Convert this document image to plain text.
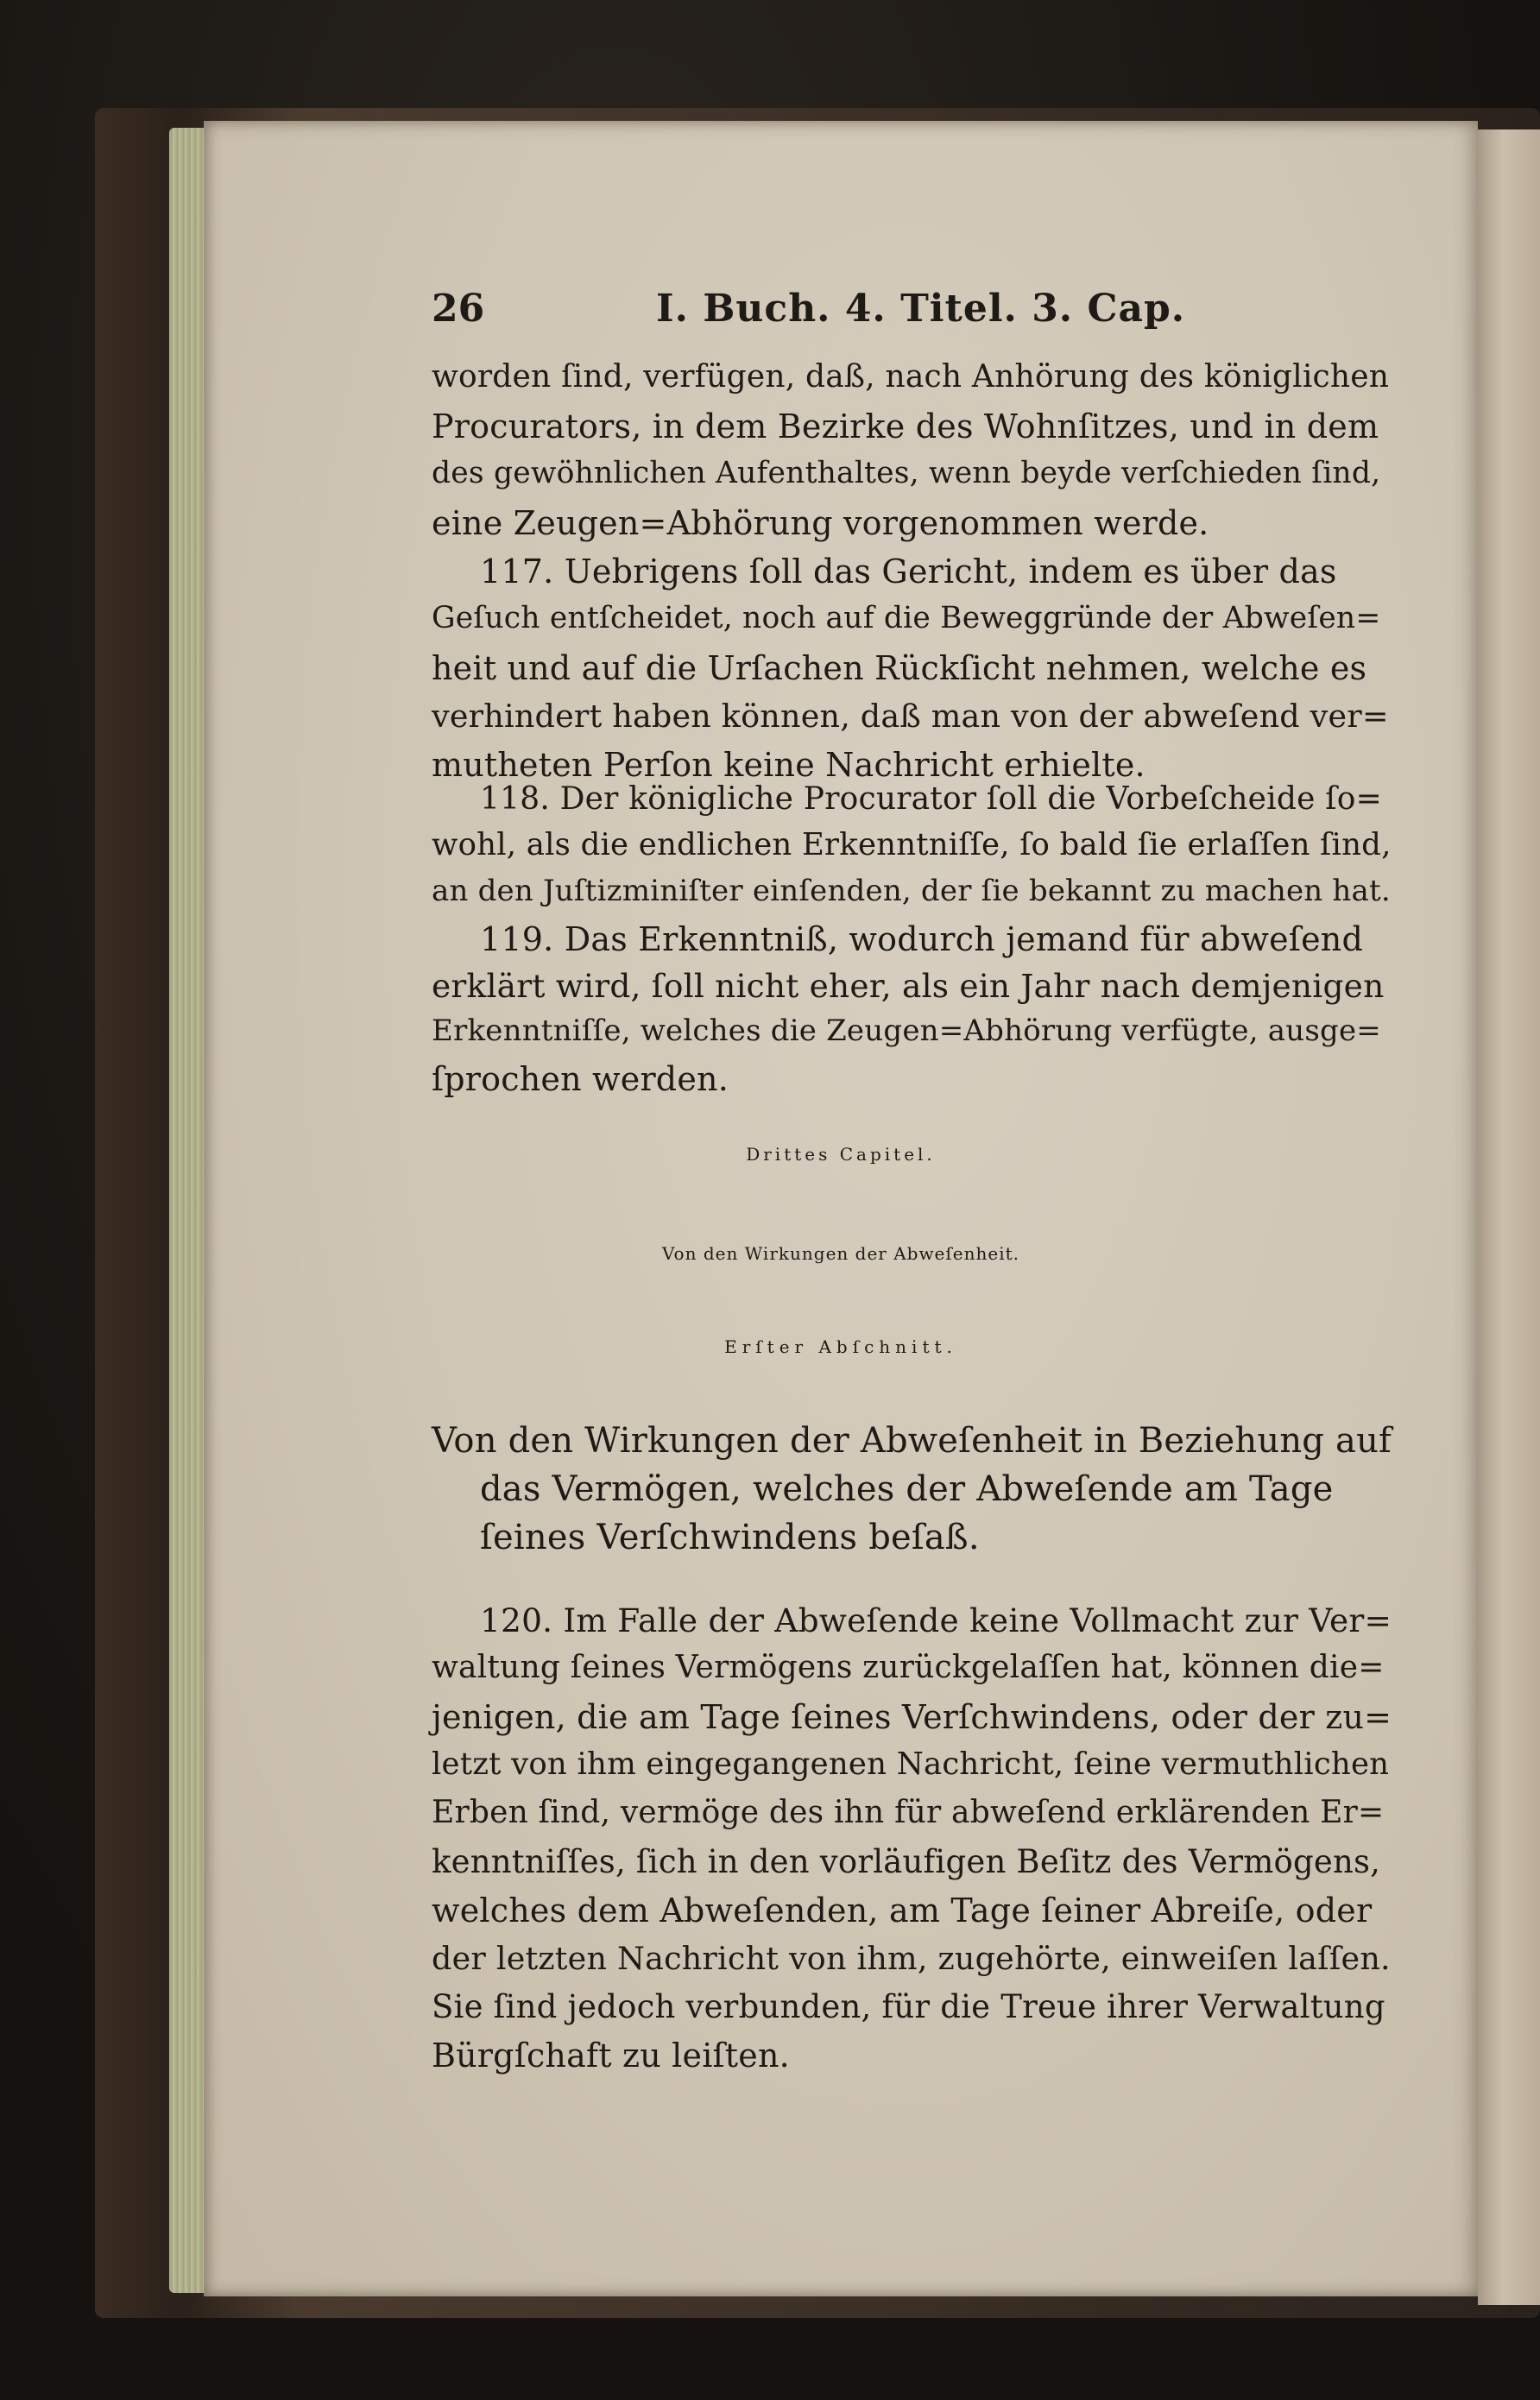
26	I. Buch. 4. Titel. 3. Cap.
worden ſind, verfügen, daß, nach Anhörung des königlichen
Procurators, in dem Bezirke des Wohnſitzes, und in dem
des gewöhnlichen Aufenthaltes, wenn beyde verſchieden ſind,
eine Zeugen=Abhörung vorgenommen werde.
117. Uebrigens ſoll das Gericht, indem es über das
Geſuch entſcheidet, noch auf die Beweggründe der Abweſen=
heit und auf die Urſachen Rückſicht nehmen, welche es
verhindert haben können, daß man von der abweſend ver=
mutheten Perſon keine Nachricht erhielte.
118. Der königliche Procurator ſoll die Vorbeſcheide ſo=
wohl, als die endlichen Erkenntniſſe, ſo bald ſie erlaſſen ſind,
an den Juſtizminiſter einſenden, der ſie bekannt zu machen hat.
119. Das Erkenntniß, wodurch jemand für abweſend
erklärt wird, ſoll nicht eher, als ein Jahr nach demjenigen
Erkenntniſſe, welches die Zeugen=Abhörung verfügte, ausge=
ſprochen werden.
Drittes Capitel.
Von den Wirkungen der Abweſenheit.
Erſter Abſchnitt.
Von den Wirkungen der Abweſenheit in Beziehung auf
das Vermögen, welches der Abweſende am Tage
ſeines Verſchwindens beſaß.
120. Im Falle der Abweſende keine Vollmacht zur Ver=
waltung ſeines Vermögens zurückgelaſſen hat, können die=
jenigen, die am Tage ſeines Verſchwindens, oder der zu=
letzt von ihm eingegangenen Nachricht, ſeine vermuthlichen
Erben ſind, vermöge des ihn für abweſend erklärenden Er=
kenntniſſes, ſich in den vorläufigen Beſitz des Vermögens,
welches dem Abweſenden, am Tage ſeiner Abreiſe, oder
der letzten Nachricht von ihm, zugehörte, einweiſen laſſen.
Sie ſind jedoch verbunden, für die Treue ihrer Verwaltung
Bürgſchaft zu leiſten.
